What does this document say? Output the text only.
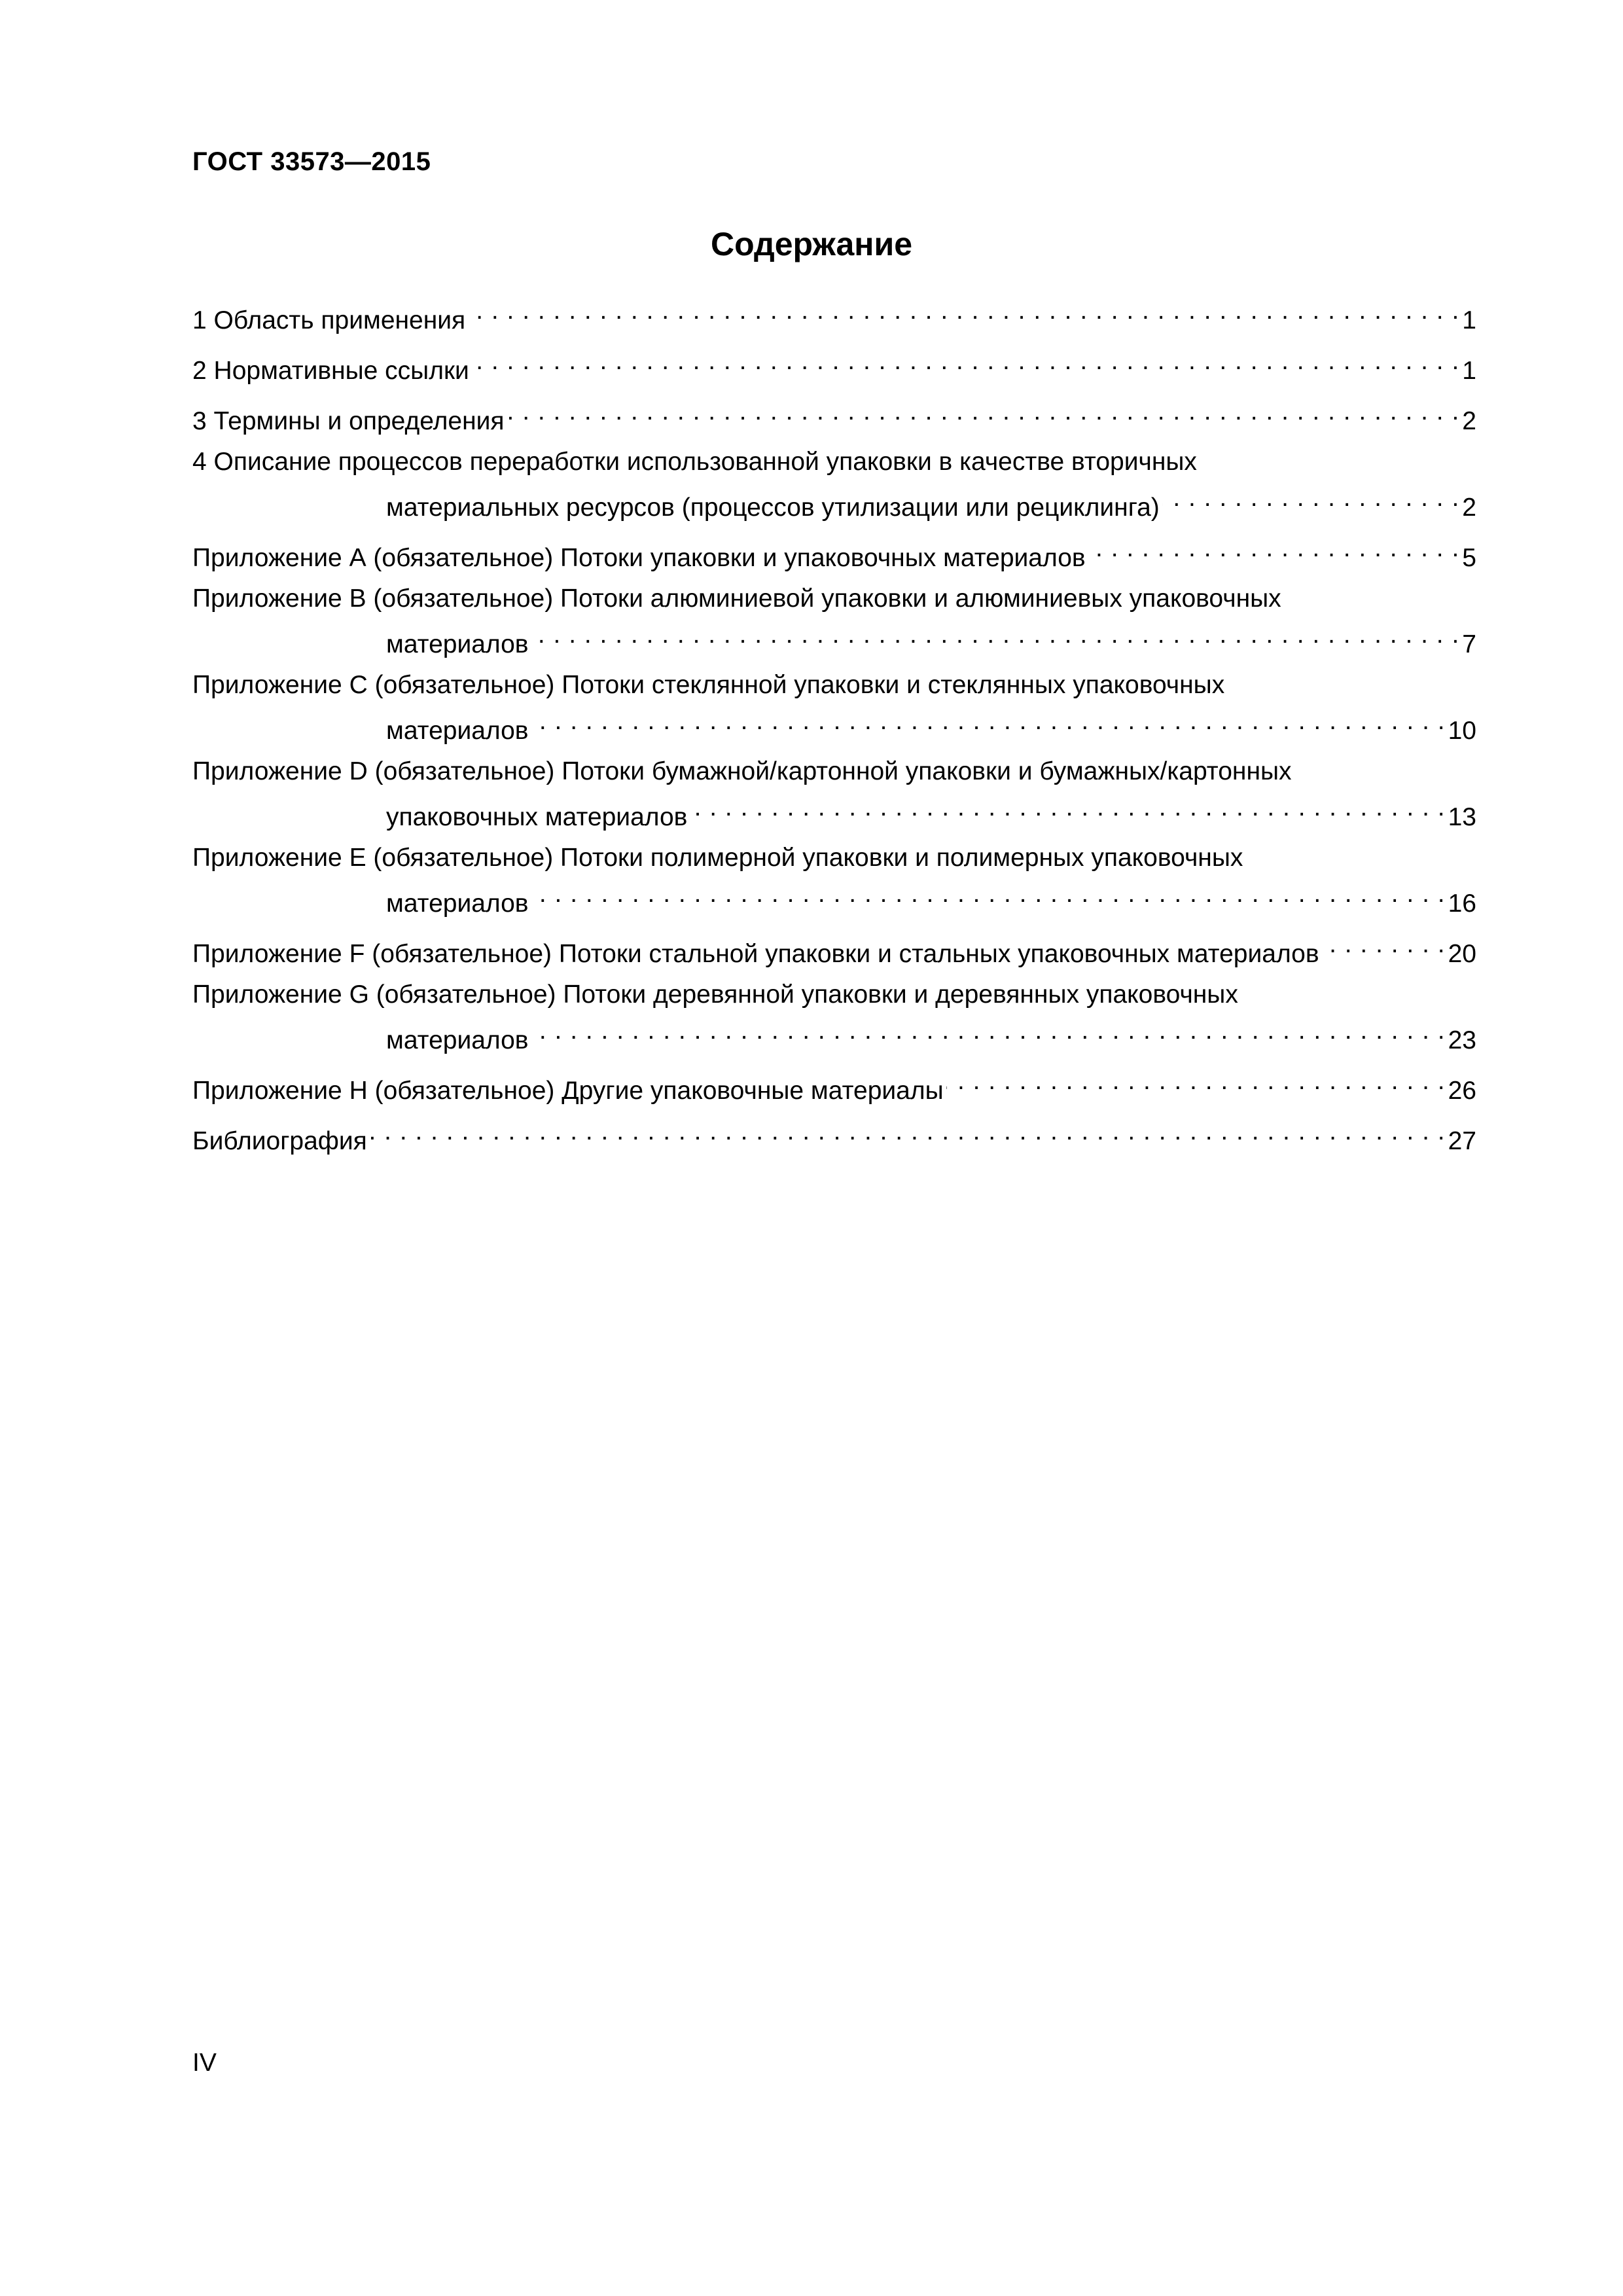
ГОСТ 33573—2015
Содержание
1 Область применения . . .	1
2 Нормативные ссылки . . .	1
3 Термины и определения . . .	2
4 Описание процессов переработки использованной упаковки в качестве вторичных
материальных ресурсов (процессов утилизации или рециклинга) . . .	2
Приложение А (обязательное) Потоки упаковки и упаковочных материалов . . .	5
Приложение В (обязательное) Потоки алюминиевой упаковки и алюминиевых упаковочных
материалов . . .	7
Приложение С (обязательное) Потоки стеклянной упаковки и стеклянных упаковочных
материалов . . .	10
Приложение D (обязательное) Потоки бумажной/картонной упаковки и бумажных/картонных
упаковочных материалов . . .	13
Приложение E (обязательное) Потоки полимерной упаковки и полимерных упаковочных
материалов . . .	16
Приложение F (обязательное) Потоки стальной упаковки и стальных упаковочных материалов . . .	20
Приложение G (обязательное) Потоки деревянной упаковки и деревянных упаковочных
материалов . . .	23
Приложение H (обязательное) Другие упаковочные материалы . . .	26
Библиография . . .	27
IV
